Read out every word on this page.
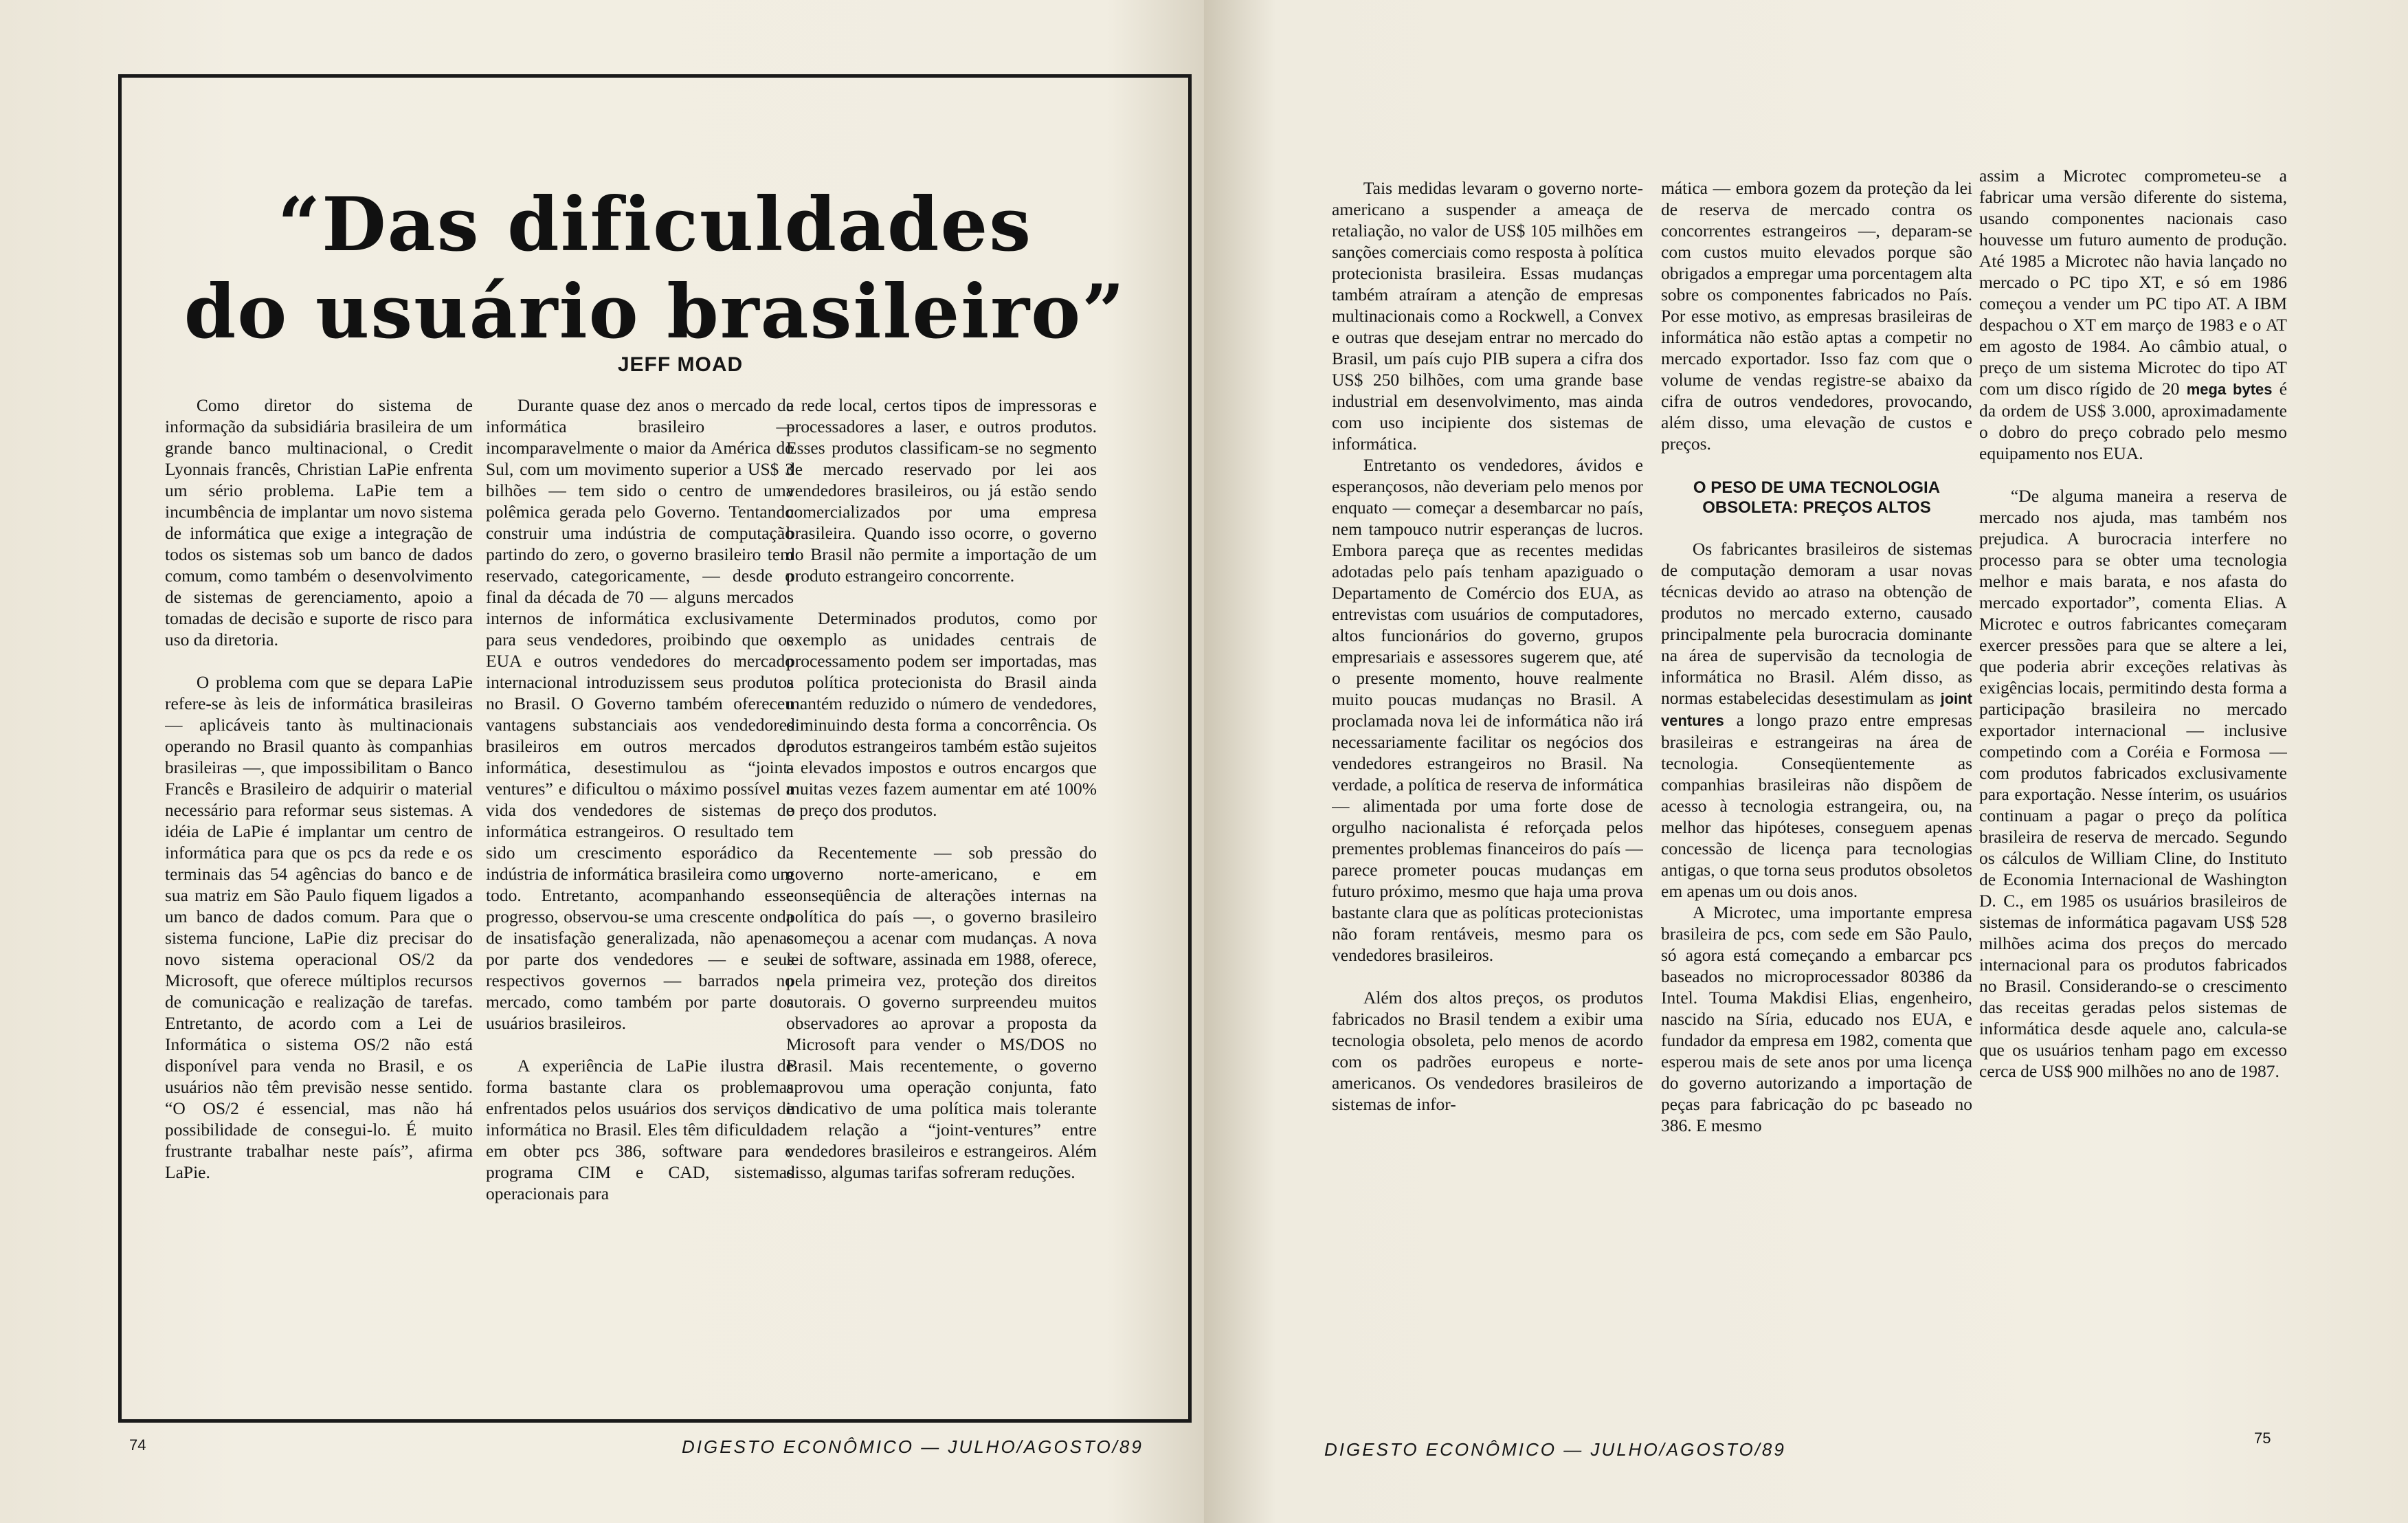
“Das dificuldades
do usuário brasileiro”
JEFF MOAD

Como diretor do sistema de informação da subsidiária brasileira de um grande banco multinacional, o Credit Lyonnais francês, Christian LaPie enfrenta um sério problema. LaPie tem a incumbência de implantar um novo sistema de informática que exige a integração de todos os sistemas sob um banco de dados comum, como também o desenvolvimento de sistemas de gerenciamento, apoio a tomadas de decisão e suporte de risco para uso da diretoria.

O problema com que se depara LaPie refere-se às leis de informática brasileiras — aplicáveis tanto às multinacionais operando no Brasil quanto às companhias brasileiras —, que impossibilitam o Banco Francês e Brasileiro de adquirir o material necessário para reformar seus sistemas. A idéia de LaPie é implantar um centro de informática para que os pcs da rede e os terminais das 54 agências do banco e de sua matriz em São Paulo fiquem ligados a um banco de dados comum. Para que o sistema funcione, LaPie diz precisar do novo sistema operacional OS/2 da Microsoft, que oferece múltiplos recursos de comunicação e realização de tarefas. Entretanto, de acordo com a Lei de Informática o sistema OS/2 não está disponível para venda no Brasil, e os usuários não têm previsão nesse sentido. “O OS/2 é essencial, mas não há possibilidade de consegui-lo. É muito frustrante trabalhar neste país”, afirma LaPie.

Durante quase dez anos o mercado de informática brasileiro — incomparavelmente o maior da América do Sul, com um movimento superior a US$ 3 bilhões — tem sido o centro de uma polêmica gerada pelo Governo. Tentando construir uma indústria de computação partindo do zero, o governo brasileiro tem reservado, categoricamente, — desde o final da década de 70 — alguns mercados internos de informática exclusivamente para seus vendedores, proibindo que os EUA e outros vendedores do mercado internacional introduzissem seus produtos no Brasil. O Governo também ofereceu vantagens substanciais aos vendedores brasileiros em outros mercados de informática, desestimulou as “joint-ventures” e dificultou o máximo possível a vida dos vendedores de sistemas de informática estrangeiros. O resultado tem sido um crescimento esporádico da indústria de informática brasileira como um todo. Entretanto, acompanhando esse progresso, observou-se uma crescente onda de insatisfação generalizada, não apenas por parte dos vendedores — e seus respectivos governos — barrados no mercado, como também por parte dos usuários brasileiros.

A experiência de LaPie ilustra de forma bastante clara os problemas enfrentados pelos usuários dos serviços de informática no Brasil. Eles têm dificuldade em obter pcs 386, software para o programa CIM e CAD, sistemas operacionais para

a rede local, certos tipos de impressoras e processadores a laser, e outros produtos. Esses produtos classificam-se no segmento de mercado reservado por lei aos vendedores brasileiros, ou já estão sendo comercializados por uma empresa brasileira. Quando isso ocorre, o governo do Brasil não permite a importação de um produto estrangeiro concorrente.

Determinados produtos, como por exemplo as unidades centrais de processamento podem ser importadas, mas a política protecionista do Brasil ainda mantém reduzido o número de vendedores, diminuindo desta forma a concorrência. Os produtos estrangeiros também estão sujeitos a elevados impostos e outros encargos que muitas vezes fazem aumentar em até 100% o preço dos produtos.

Recentemente — sob pressão do governo norte-americano, e em conseqüência de alterações internas na política do país —, o governo brasileiro começou a acenar com mudanças. A nova lei de software, assinada em 1988, oferece, pela primeira vez, proteção dos direitos autorais. O governo surpreendeu muitos observadores ao aprovar a proposta da Microsoft para vender o MS/DOS no Brasil. Mais recentemente, o governo aprovou uma operação conjunta, fato indicativo de uma política mais tolerante em relação a “joint-ventures” entre vendedores brasileiros e estrangeiros. Além disso, algumas tarifas sofreram reduções.

Tais medidas levaram o governo norte-americano a suspender a ameaça de retaliação, no valor de US$ 105 milhões em sanções comerciais como resposta à política protecionista brasileira. Essas mudanças também atraíram a atenção de empresas multinacionais como a Rockwell, a Convex e outras que desejam entrar no mercado do Brasil, um país cujo PIB supera a cifra dos US$ 250 bilhões, com uma grande base industrial em desenvolvimento, mas ainda com uso incipiente dos sistemas de informática.

Entretanto os vendedores, ávidos e esperançosos, não deveriam pelo menos por enquato — começar a desembarcar no país, nem tampouco nutrir esperanças de lucros. Embora pareça que as recentes medidas adotadas pelo país tenham apaziguado o Departamento de Comércio dos EUA, as entrevistas com usuários de computadores, altos funcionários do governo, grupos empresariais e assessores sugerem que, até o presente momento, houve realmente muito poucas mudanças no Brasil. A proclamada nova lei de informática não irá necessariamente facilitar os negócios dos vendedores estrangeiros no Brasil. Na verdade, a política de reserva de informática — alimentada por uma forte dose de orgulho nacionalista é reforçada pelos prementes problemas financeiros do país — parece prometer poucas mudanças em futuro próximo, mesmo que haja uma prova bastante clara que as políticas protecionistas não foram rentáveis, mesmo para os vendedores brasileiros.

Além dos altos preços, os produtos fabricados no Brasil tendem a exibir uma tecnologia obsoleta, pelo menos de acordo com os padrões europeus e norte-americanos. Os vendedores brasileiros de sistemas de infor-

mática — embora gozem da proteção da lei de reserva de mercado contra os concorrentes estrangeiros —, deparam-se com custos muito elevados porque são obrigados a empregar uma porcentagem alta sobre os componentes fabricados no País. Por esse motivo, as empresas brasileiras de informática não estão aptas a competir no mercado exportador. Isso faz com que o volume de vendas registre-se abaixo da cifra de outros vendedores, provocando, além disso, uma elevação de custos e preços.

O PESO DE UMA TECNOLOGIA OBSOLETA: PREÇOS ALTOS

Os fabricantes brasileiros de sistemas de computação demoram a usar novas técnicas devido ao atraso na obtenção de produtos no mercado externo, causado principalmente pela burocracia dominante na área de supervisão da tecnologia de informática no Brasil. Além disso, as normas estabelecidas desestimulam as joint ventures a longo prazo entre empresas brasileiras e estrangeiras na área de tecnologia. Conseqüentemente as companhias brasileiras não dispõem de acesso à tecnologia estrangeira, ou, na melhor das hipóteses, conseguem apenas concessão de licença para tecnologias antigas, o que torna seus produtos obsoletos em apenas um ou dois anos.

A Microtec, uma importante empresa brasileira de pcs, com sede em São Paulo, só agora está começando a embarcar pcs baseados no microprocessador 80386 da Intel. Touma Makdisi Elias, engenheiro, nascido na Síria, educado nos EUA, e fundador da empresa em 1982, comenta que esperou mais de sete anos por uma licença do governo autorizando a importação de peças para fabricação do pc baseado no 386. E mesmo

assim a Microtec comprometeu-se a fabricar uma versão diferente do sistema, usando componentes nacionais caso houvesse um futuro aumento de produção. Até 1985 a Microtec não havia lançado no mercado o PC tipo XT, e só em 1986 começou a vender um PC tipo AT. A IBM despachou o XT em março de 1983 e o AT em agosto de 1984. Ao câmbio atual, o preço de um sistema Microtec do tipo AT com um disco rígido de 20 mega bytes é da ordem de US$ 3.000, aproximadamente o dobro do preço cobrado pelo mesmo equipamento nos EUA.

“De alguma maneira a reserva de mercado nos ajuda, mas também nos prejudica. A burocracia interfere no processo para se obter uma tecnologia melhor e mais barata, e nos afasta do mercado exportador”, comenta Elias. A Microtec e outros fabricantes começaram exercer pressões para que se altere a lei, que poderia abrir exceções relativas às exigências locais, permitindo desta forma a participação brasileira no mercado exportador internacional — inclusive competindo com a Coréia e Formosa — com produtos fabricados exclusivamente para exportação. Nesse ínterim, os usuários continuam a pagar o preço da política brasileira de reserva de mercado. Segundo os cálculos de William Cline, do Instituto de Economia Internacional de Washington D. C., em 1985 os usuários brasileiros de sistemas de informática pagavam US$ 528 milhões acima dos preços do mercado internacional para os produtos fabricados no Brasil. Considerando-se o crescimento das receitas geradas pelos sistemas de informática desde aquele ano, calcula-se que os usuários tenham pago em excesso cerca de US$ 900 milhões no ano de 1987.

74	DIGESTO ECONÔMICO — JULHO/AGOSTO/89	DIGESTO ECONÔMICO — JULHO/AGOSTO/89
75
